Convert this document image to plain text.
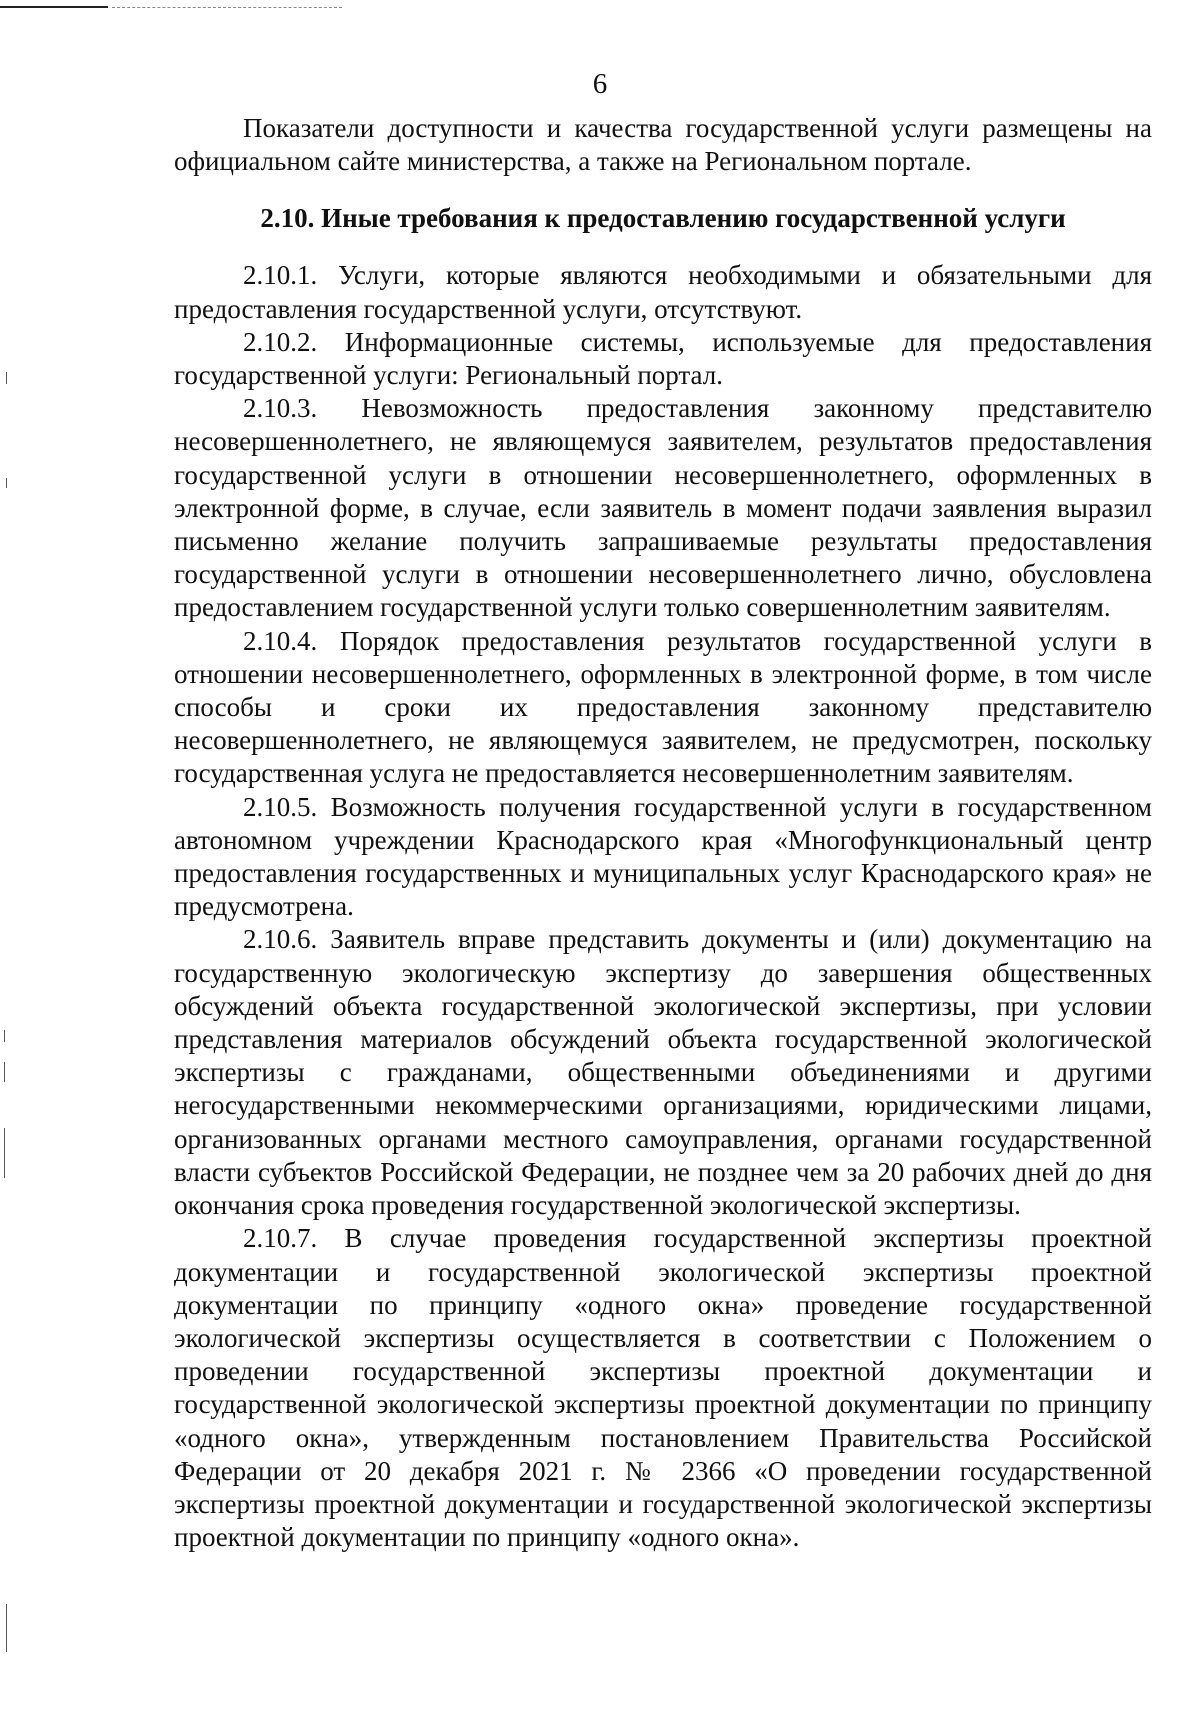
6

Показатели доступности и качества государственной услуги размещены на официальном сайте министерства, а также на Региональном портале.

2.10. Иные требования к предоставлению государственной услуги

2.10.1. Услуги, которые являются необходимыми и обязательными для предоставления государственной услуги, отсутствуют.

2.10.2. Информационные системы, используемые для предоставления государственной услуги: Региональный портал.

2.10.3. Невозможность предоставления законному представителю несовершеннолетнего, не являющемуся заявителем, результатов предоставления государственной услуги в отношении несовершеннолетнего, оформленных в электронной форме, в случае, если заявитель в момент подачи заявления выразил письменно желание получить запрашиваемые результаты предоставления государственной услуги в отношении несовершеннолетнего лично, обусловлена предоставлением государственной услуги только совершеннолетним заявителям.

2.10.4. Порядок предоставления результатов государственной услуги в отношении несовершеннолетнего, оформленных в электронной форме, в том числе способы и сроки их предоставления законному представителю несовершеннолетнего, не являющемуся заявителем, не предусмотрен, поскольку государственная услуга не предоставляется несовершеннолетним заявителям.

2.10.5. Возможность получения государственной услуги в государственном автономном учреждении Краснодарского края «Многофункциональный центр предоставления государственных и муниципальных услуг Краснодарского края» не предусмотрена.

2.10.6. Заявитель вправе представить документы и (или) документацию на государственную экологическую экспертизу до завершения общественных обсуждений объекта государственной экологической экспертизы, при условии представления материалов обсуждений объекта государственной экологической экспертизы с гражданами, общественными объединениями и другими негосударственными некоммерческими организациями, юридическими лицами, организованных органами местного самоуправления, органами государственной власти субъектов Российской Федерации, не позднее чем за 20 рабочих дней до дня окончания срока проведения государственной экологической экспертизы.

2.10.7. В случае проведения государственной экспертизы проектной документации и государственной экологической экспертизы проектной документации по принципу «одного окна» проведение государственной экологической экспертизы осуществляется в соответствии с Положением о проведении государственной экспертизы проектной документации и государственной экологической экспертизы проектной документации по принципу «одного окна», утвержденным постановлением Правительства Российской Федерации от 20 декабря 2021 г. № 2366 «О проведении государственной экспертизы проектной документации и государственной экологической экспертизы проектной документации по принципу «одного окна».
